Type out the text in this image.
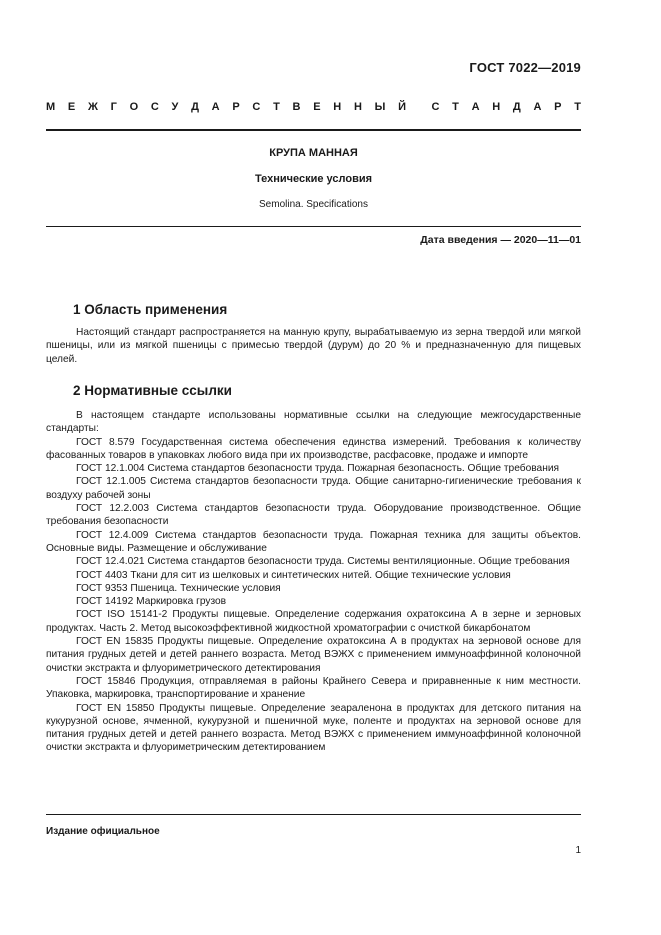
ГОСТ 7022—2019
М Е Ж Г О С У Д А Р С Т В Е Н Н Ы Й С Т А Н Д А Р Т
КРУПА МАННАЯ
Технические условия
Semolina. Specifications
Дата введения — 2020—11—01
1 Область применения

Настоящий стандарт распространяется на манную крупу, вырабатываемую из зерна твердой или мягкой пшеницы, или из мягкой пшеницы с примесью твердой (дурум) до 20 % и предназначенную для пищевых целей.

2 Нормативные ссылки

В настоящем стандарте использованы нормативные ссылки на следующие межгосударственные стандарты:

ГОСТ 8.579 Государственная система обеспечения единства измерений. Требования к количеству фасованных товаров в упаковках любого вида при их производстве, расфасовке, продаже и импорте

ГОСТ 12.1.004 Система стандартов безопасности труда. Пожарная безопасность. Общие требования

ГОСТ 12.1.005 Система стандартов безопасности труда. Общие санитарно-гигиенические требования к воздуху рабочей зоны

ГОСТ 12.2.003 Система стандартов безопасности труда. Оборудование производственное. Общие требования безопасности

ГОСТ 12.4.009 Система стандартов безопасности труда. Пожарная техника для защиты объектов. Основные виды. Размещение и обслуживание

ГОСТ 12.4.021 Система стандартов безопасности труда. Системы вентиляционные. Общие требования

ГОСТ 4403 Ткани для сит из шелковых и синтетических нитей. Общие технические условия

ГОСТ 9353 Пшеница. Технические условия

ГОСТ 14192 Маркировка грузов

ГОСТ ISO 15141-2 Продукты пищевые. Определение содержания охратоксина А в зерне и зерновых продуктах. Часть 2. Метод высокоэффективной жидкостной хроматографии с очисткой бикарбонатом

ГОСТ EN 15835 Продукты пищевые. Определение охратоксина А в продуктах на зерновой основе для питания грудных детей и детей раннего возраста. Метод ВЭЖХ с применением иммуноаффинной колоночной очистки экстракта и флуориметрического детектирования

ГОСТ 15846 Продукция, отправляемая в районы Крайнего Севера и приравненные к ним местности. Упаковка, маркировка, транспортирование и хранение

ГОСТ EN 15850 Продукты пищевые. Определение зеараленона в продуктах для детского питания на кукурузной основе, ячменной, кукурузной и пшеничной муке, поленте и продуктах на зерновой основе для питания грудных детей и детей раннего возраста. Метод ВЭЖХ с применением иммуноаффинной колоночной очистки экстракта и флуориметрическим детектированием

Издание официальное
1
